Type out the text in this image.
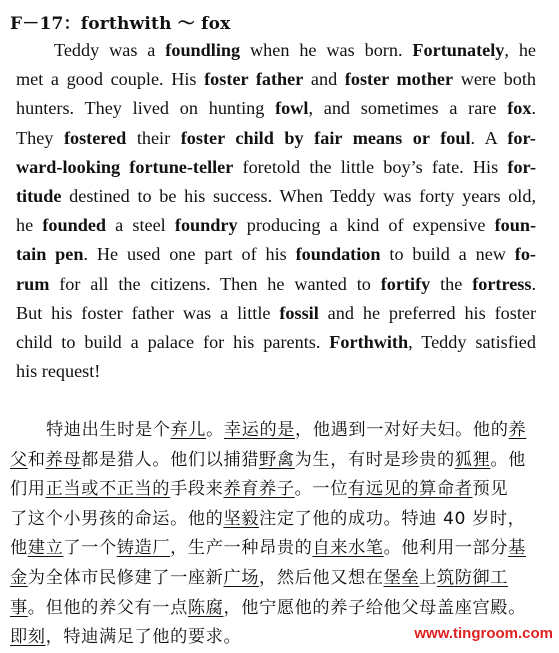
F－17：forthwith ～ fox
Teddy was a foundling when he was born. Fortunately, he
met a good couple. His foster father and foster mother were both
hunters. They lived on hunting fowl, and sometimes a rare fox.
They fostered their foster child by fair means or foul. A for-
ward-looking fortune-teller foretold the little boy’s fate. His for-
titude destined to be his success. When Teddy was forty years old,
he founded a steel foundry producing a kind of expensive foun-
tain pen. He used one part of his foundation to build a new fo-
rum for all the citizens. Then he wanted to fortify the fortress.
But his foster father was a little fossil and he preferred his foster
child to build a palace for his parents. Forthwith, Teddy satisfied
his request!
特迪出生时是个弃儿。幸运的是，他遇到一对好夫妇。他的养
父和养母都是猎人。他们以捕猎野禽为生，有时是珍贵的狐狸。他
们用正当或不正当的手段来养育养子。一位有远见的算命者预见
了这个小男孩的命运。他的坚毅注定了他的成功。特迪 40 岁时，
他建立了一个铸造厂，生产一种昂贵的自来水笔。他利用一部分基
金为全体市民修建了一座新广场，然后他又想在堡垒上筑防御工
事。但他的养父有一点陈腐，他宁愿他的养子给他父母盖座宫殿。
即刻，特迪满足了他的要求。	www.tingroom.com
